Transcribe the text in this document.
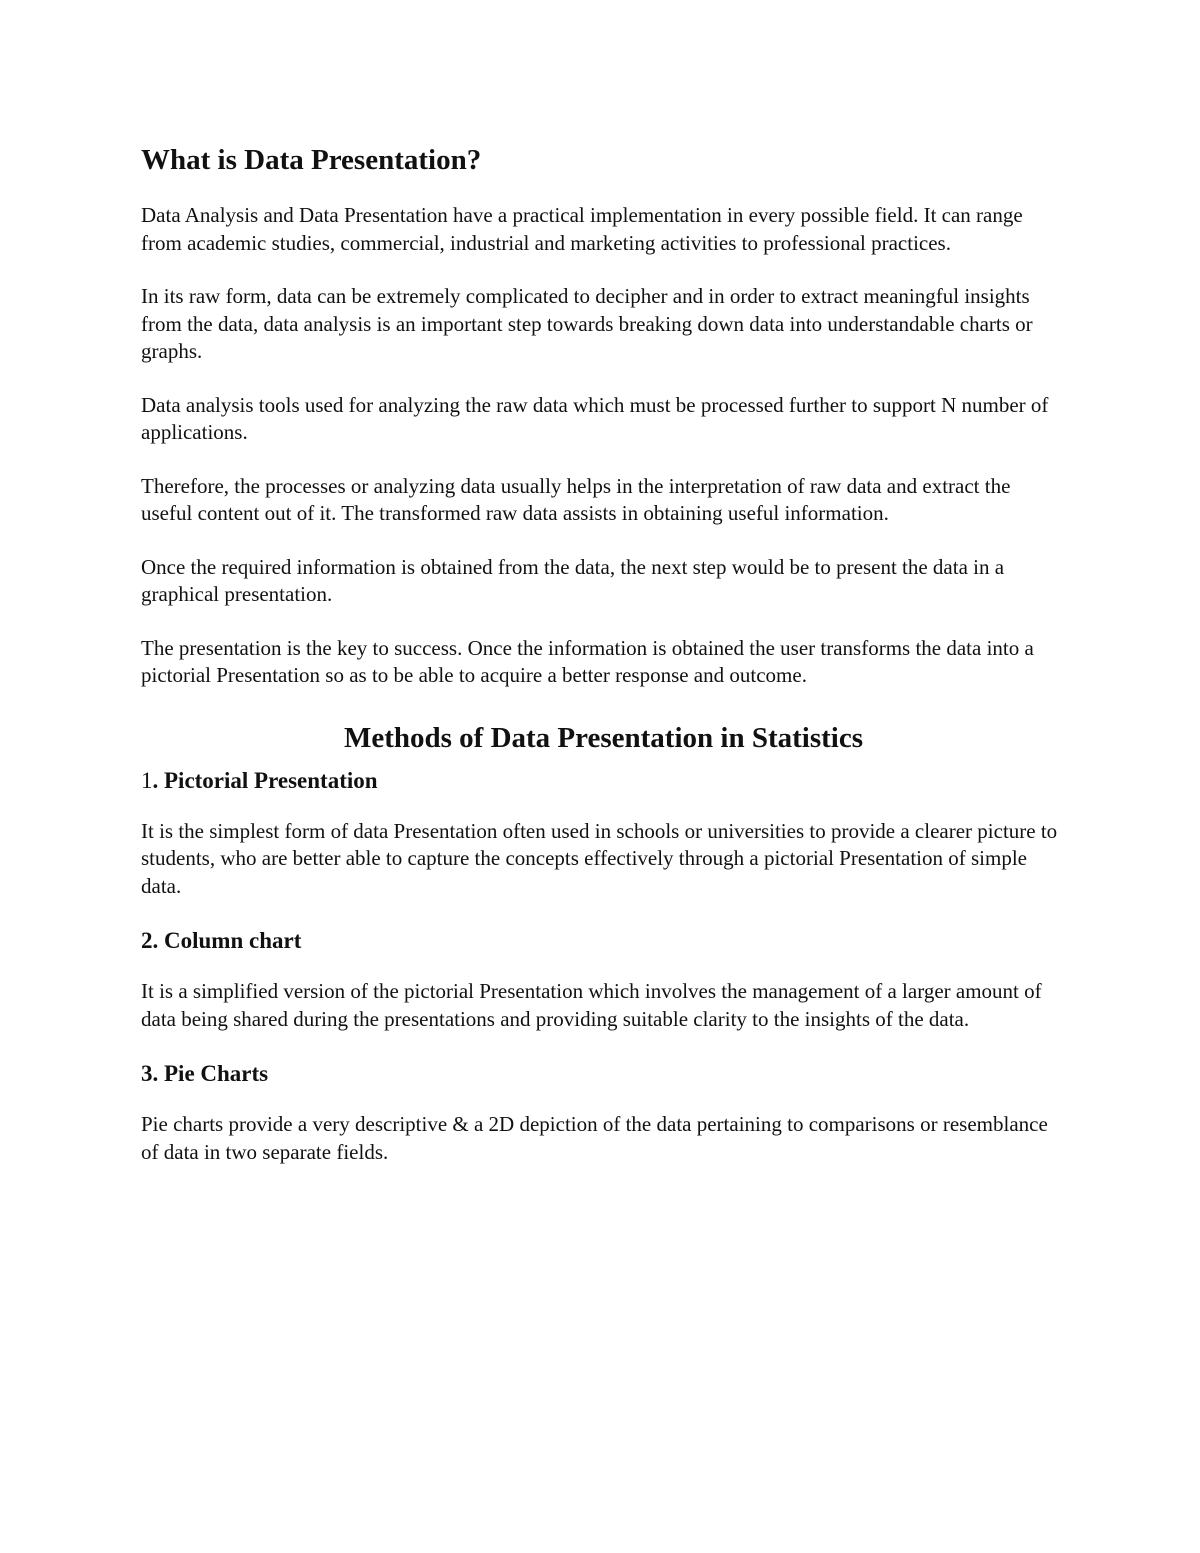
What is Data Presentation?

Data Analysis and Data Presentation have a practical implementation in every possible field. It can range from academic studies, commercial, industrial and marketing activities to professional practices.

In its raw form, data can be extremely complicated to decipher and in order to extract meaningful insights from the data, data analysis is an important step towards breaking down data into understandable charts or graphs.

Data analysis tools used for analyzing the raw data which must be processed further to support N number of applications.

Therefore, the processes or analyzing data usually helps in the interpretation of raw data and extract the useful content out of it. The transformed raw data assists in obtaining useful information.

Once the required information is obtained from the data, the next step would be to present the data in a graphical presentation.

The presentation is the key to success. Once the information is obtained the user transforms the data into a pictorial Presentation so as to be able to acquire a better response and outcome.

Methods of Data Presentation in Statistics
1. Pictorial Presentation

It is the simplest form of data Presentation often used in schools or universities to provide a clearer picture to students, who are better able to capture the concepts effectively through a pictorial Presentation of simple data.

2. Column chart

It is a simplified version of the pictorial Presentation which involves the management of a larger amount of data being shared during the presentations and providing suitable clarity to the insights of the data.

3. Pie Charts

Pie charts provide a very descriptive & a 2D depiction of the data pertaining to comparisons or resemblance of data in two separate fields.
